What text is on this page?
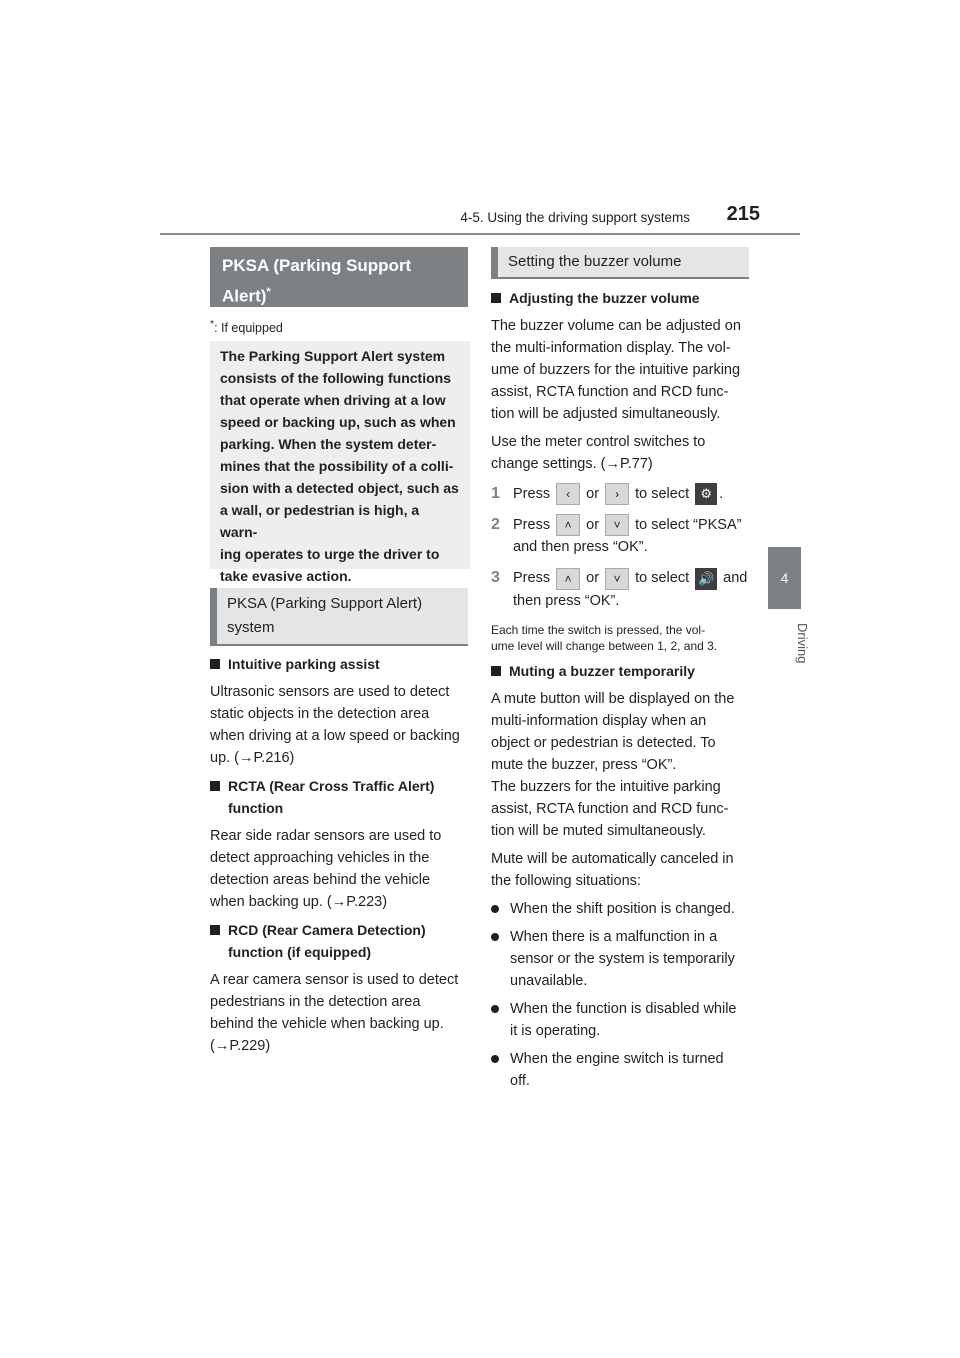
4-5. Using the driving support systems	215
4
Driving
PKSA (Parking Support
Alert)*
*: If equipped
The Parking Support Alert system
consists of the following functions
that operate when driving at a low
speed or backing up, such as when
parking. When the system deter-
mines that the possibility of a colli-
sion with a detected object, such as
a wall, or pedestrian is high, a warn-
ing operates to urge the driver to
take evasive action.
PKSA (Parking Support Alert)
system
Intuitive parking assist
Ultrasonic sensors are used to detect
static objects in the detection area
when driving at a low speed or backing
up. (→P.216)
RCTA (Rear Cross Traffic Alert)
function
Rear side radar sensors are used to
detect approaching vehicles in the
detection areas behind the vehicle
when backing up. (→P.223)
RCD (Rear Camera Detection)
function (if equipped)
A rear camera sensor is used to detect
pedestrians in the detection area
behind the vehicle when backing up.
(→P.229)
Setting the buzzer volume
Adjusting the buzzer volume
The buzzer volume can be adjusted on
the multi-information display. The vol-
ume of buzzers for the intuitive parking
assist, RCTA function and RCD func-
tion will be adjusted simultaneously.
Use the meter control switches to
change settings. (→P.77)
1 Press ‹ or › to select ⚙ .
2 Press ˄ or ˅ to select “PKSA”
and then press “OK”.
3 Press ˄ or ˅ to select 🔊 and
then press “OK”.
Each time the switch is pressed, the vol-
ume level will change between 1, 2, and 3.
Muting a buzzer temporarily
A mute button will be displayed on the
multi-information display when an
object or pedestrian is detected. To
mute the buzzer, press “OK”.
The buzzers for the intuitive parking
assist, RCTA function and RCD func-
tion will be muted simultaneously.
Mute will be automatically canceled in
the following situations:
When the shift position is changed.
When there is a malfunction in a
sensor or the system is temporarily
unavailable.
When the function is disabled while
it is operating.
When the engine switch is turned
off.
